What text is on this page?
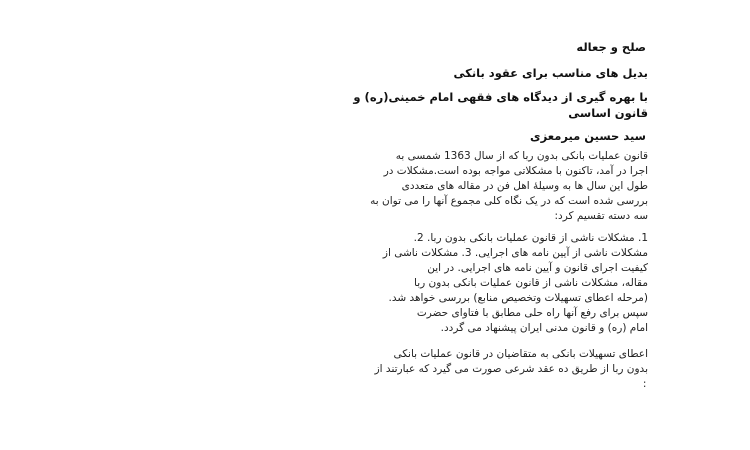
صلح و جعاله
بدیل های مناسب برای عقود بانکی
با بهره گیری از دیدگاه های فقهی امام خمینی(ره) و
قانون اساسی
سید حسین میرمعزی
قانون عملیات بانکی بدون ربا که از سال 1363 شمسی به
اجرا در آمد، تاکنون با مشکلاتی مواجه بوده است.مشکلات در
طول این سال ها به وسیلهٔ اهل فن در مقاله های متعددی
بررسی شده است که در یک نگاه کلی مجموع آنها را می توان به
سه دسته تقسیم کرد:
1. مشکلات ناشی از قانون عملیات بانکی بدون ربا. 2.
مشکلات ناشی از آیین نامه های اجرایی. 3. مشکلات ناشی از
کیفیت اجرای قانون و آیین نامه های اجرایی. در این
مقاله، مشکلات ناشی از قانون عملیات بانکی بدون ربا
(مرحله اعطای تسهیلات وتخصیص منابع) بررسی خواهد شد.
سپس برای رفع آنها راه حلی مطابق با فتاوای حضرت
امام (ره) و قانون مدنی ایران پیشنهاد می گردد.
اعطای تسهیلات بانکی به متقاضیان در قانون عملیات بانکی
بدون ربا از طریق ده عقد شرعی صورت می گیرد که عبارتند از
:
